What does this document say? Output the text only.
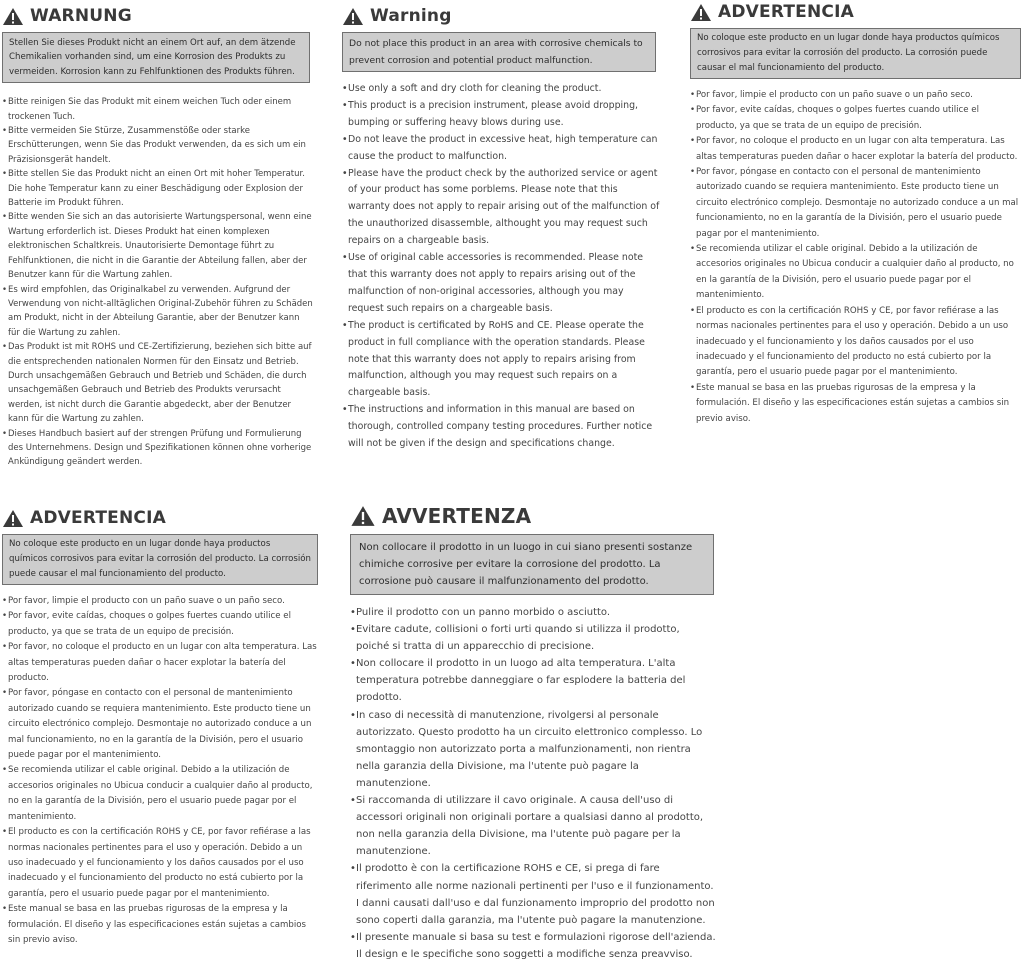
WARNUNG
Stellen Sie dieses Produkt nicht an einem Ort auf, an dem ätzende Chemikalien vorhanden sind, um eine Korrosion des Produkts zu vermeiden. Korrosion kann zu Fehlfunktionen des Produkts führen.
• Bitte reinigen Sie das Produkt mit einem weichen Tuch oder einem trockenen Tuch.
• Bitte vermeiden Sie Stürze, Zusammenstöße oder starke Erschütterungen, wenn Sie das Produkt verwenden, da es sich um ein Präzisionsgerät handelt.
• Bitte stellen Sie das Produkt nicht an einen Ort mit hoher Temperatur. Die hohe Temperatur kann zu einer Beschädigung oder Explosion der Batterie im Produkt führen.
• Bitte wenden Sie sich an das autorisierte Wartungspersonal, wenn eine Wartung erforderlich ist. Dieses Produkt hat einen komplexen elektronischen Schaltkreis. Unautorisierte Demontage führt zu Fehlfunktionen, die nicht in die Garantie der Abteilung fallen, aber der Benutzer kann für die Wartung zahlen.
• Es wird empfohlen, das Originalkabel zu verwenden. Aufgrund der Verwendung von nicht-alltäglichen Original-Zubehör führen zu Schäden am Produkt, nicht in der Abteilung Garantie, aber der Benutzer kann für die Wartung zu zahlen.
• Das Produkt ist mit ROHS und CE-Zertifizierung, beziehen sich bitte auf die entsprechenden nationalen Normen für den Einsatz und Betrieb. Durch unsachgemäßen Gebrauch und Betrieb und Schäden, die durch unsachgemäßen Gebrauch und Betrieb des Produkts verursacht werden, ist nicht durch die Garantie abgedeckt, aber der Benutzer kann für die Wartung zu zahlen.
• Dieses Handbuch basiert auf der strengen Prüfung und Formulierung des Unternehmens. Design und Spezifikationen können ohne vorherige Ankündigung geändert werden.
Warning
Do not place this product in an area with corrosive chemicals to prevent corrosion and potential product malfunction.
• Use only a soft and dry cloth for cleaning the product.
• This product is a precision instrument, please avoid dropping, bumping or suffering heavy blows during use.
• Do not leave the product in excessive heat, high temperature can cause the product to malfunction.
• Please have the product check by the authorized service or agent of your product has some porblems. Please note that this warranty does not apply to repair arising out of the malfunction of the unauthorized disassemble, althought you may request such repairs on a chargeable basis.
• Use of original cable accessories is recommended. Please note that this warranty does not apply to repairs arising out of the malfunction of non-original accessories, although you may request such repairs on a chargeable basis.
• The product is certificated by RoHS and CE. Please operate the product in full compliance with the operation standards. Please note that this warranty does not apply to repairs arising from malfunction, although you may request such repairs on a chargeable basis.
• The instructions and information in this manual are based on thorough, controlled company testing procedures. Further notice will not be given if the design and specifications change.
ADVERTENCIA
No coloque este producto en un lugar donde haya productos químicos corrosivos para evitar la corrosión del producto. La corrosión puede causar el mal funcionamiento del producto.
• Por favor, limpie el producto con un paño suave o un paño seco.
• Por favor, evite caídas, choques o golpes fuertes cuando utilice el producto, ya que se trata de un equipo de precisión.
• Por favor, no coloque el producto en un lugar con alta temperatura. Las altas temperaturas pueden dañar o hacer explotar la batería del producto.
• Por favor, póngase en contacto con el personal de mantenimiento autorizado cuando se requiera mantenimiento. Este producto tiene un circuito electrónico complejo. Desmontaje no autorizado conduce a un mal funcionamiento, no en la garantía de la División, pero el usuario puede pagar por el mantenimiento.
• Se recomienda utilizar el cable original. Debido a la utilización de accesorios originales no Ubicua conducir a cualquier daño al producto, no en la garantía de la División, pero el usuario puede pagar por el mantenimiento.
• El producto es con la certificación ROHS y CE, por favor refiérase a las normas nacionales pertinentes para el uso y operación. Debido a un uso inadecuado y el funcionamiento y los daños causados por el uso inadecuado y el funcionamiento del producto no está cubierto por la garantía, pero el usuario puede pagar por el mantenimiento.
• Este manual se basa en las pruebas rigurosas de la empresa y la formulación. El diseño y las especificaciones están sujetas a cambios sin previo aviso.
ADVERTENCIA
No coloque este producto en un lugar donde haya productos químicos corrosivos para evitar la corrosión del producto. La corrosión puede causar el mal funcionamiento del producto.
• Por favor, limpie el producto con un paño suave o un paño seco.
• Por favor, evite caídas, choques o golpes fuertes cuando utilice el producto, ya que se trata de un equipo de precisión.
• Por favor, no coloque el producto en un lugar con alta temperatura. Las altas temperaturas pueden dañar o hacer explotar la batería del producto.
• Por favor, póngase en contacto con el personal de mantenimiento autorizado cuando se requiera mantenimiento. Este producto tiene un circuito electrónico complejo. Desmontaje no autorizado conduce a un mal funcionamiento, no en la garantía de la División, pero el usuario puede pagar por el mantenimiento.
• Se recomienda utilizar el cable original. Debido a la utilización de accesorios originales no Ubicua conducir a cualquier daño al producto, no en la garantía de la División, pero el usuario puede pagar por el mantenimiento.
• El producto es con la certificación ROHS y CE, por favor refiérase a las normas nacionales pertinentes para el uso y operación. Debido a un uso inadecuado y el funcionamiento y los daños causados por el uso inadecuado y el funcionamiento del producto no está cubierto por la garantía, pero el usuario puede pagar por el mantenimiento.
• Este manual se basa en las pruebas rigurosas de la empresa y la formulación. El diseño y las especificaciones están sujetas a cambios sin previo aviso.
AVVERTENZA
Non collocare il prodotto in un luogo in cui siano presenti sostanze chimiche corrosive per evitare la corrosione del prodotto. La corrosione può causare il malfunzionamento del prodotto.
• Pulire il prodotto con un panno morbido o asciutto.
• Evitare cadute, collisioni o forti urti quando si utilizza il prodotto, poiché si tratta di un apparecchio di precisione.
• Non collocare il prodotto in un luogo ad alta temperatura. L'alta temperatura potrebbe danneggiare o far esplodere la batteria del prodotto.
• In caso di necessità di manutenzione, rivolgersi al personale autorizzato. Questo prodotto ha un circuito elettronico complesso. Lo smontaggio non autorizzato porta a malfunzionamenti, non rientra nella garanzia della Divisione, ma l'utente può pagare la manutenzione.
• Si raccomanda di utilizzare il cavo originale. A causa dell'uso di accessori originali non originali portare a qualsiasi danno al prodotto, non nella garanzia della Divisione, ma l'utente può pagare per la manutenzione.
• Il prodotto è con la certificazione ROHS e CE, si prega di fare riferimento alle norme nazionali pertinenti per l'uso e il funzionamento. I danni causati dall'uso e dal funzionamento improprio del prodotto non sono coperti dalla garanzia, ma l'utente può pagare la manutenzione.
• Il presente manuale si basa su test e formulazioni rigorose dell'azienda. Il design e le specifiche sono soggetti a modifiche senza preavviso.
